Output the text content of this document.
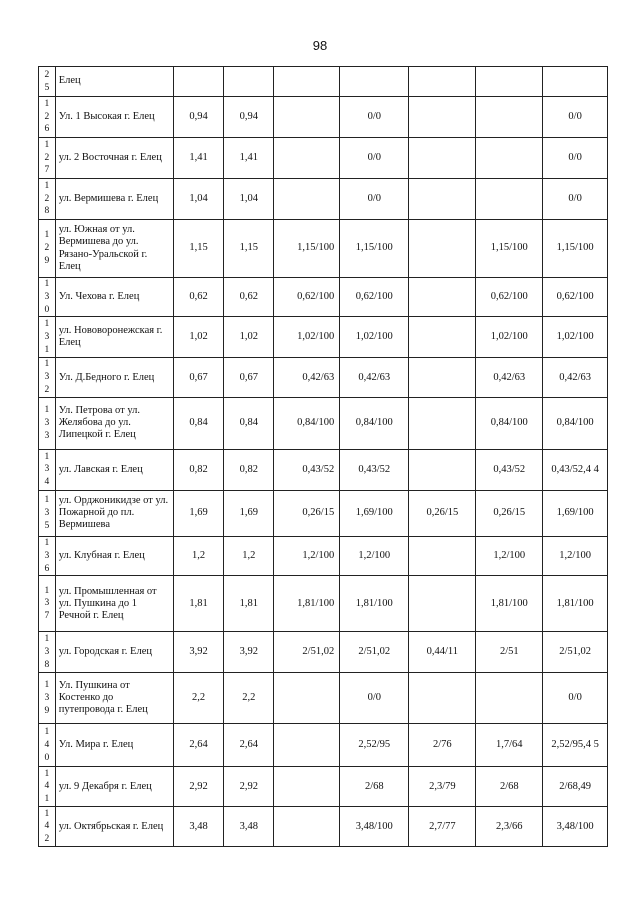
98
2
5	Елец							

1
2
6	Ул. 1 Высокая г. Елец	0,94	0,94		0/0			0/0

1
2
7	ул. 2 Восточная г. Елец	1,41	1,41		0/0			0/0

1
2
8	ул. Вермишева г. Елец	1,04	1,04		0/0			0/0

1
2
9	ул. Южная от ул. Вермишева до ул. Рязано-Уральской г. Елец	1,15	1,15	1,15/100	1,15/100		1,15/100	1,15/100

1
3
0	Ул. Чехова г. Елец	0,62	0,62	0,62/100	0,62/100		0,62/100	0,62/100

1
3
1	ул. Нововоронежская г. Елец	1,02	1,02	1,02/100	1,02/100		1,02/100	1,02/100

1
3
2	Ул. Д.Бедного г. Елец	0,67	0,67	0,42/63	0,42/63		0,42/63	0,42/63

1
3
3	Ул. Петрова от ул. Желябова до ул. Липецкой г. Елец	0,84	0,84	0,84/100	0,84/100		0,84/100	0,84/100

1
3
4	ул. Лавская г. Елец	0,82	0,82	0,43/52	0,43/52		0,43/52	0,43/52,4 4

1
3
5	ул. Орджоникидзе от ул. Пожарной до пл. Вермишева	1,69	1,69	0,26/15	1,69/100	0,26/15	0,26/15	1,69/100

1
3
6	ул. Клубная г. Елец	1,2	1,2	1,2/100	1,2/100		1,2/100	1,2/100

1
3
7	ул. Промышленная от ул. Пушкина до 1 Речной г. Елец	1,81	1,81	1,81/100	1,81/100		1,81/100	1,81/100

1
3
8	ул. Городская г. Елец	3,92	3,92	2/51,02	2/51,02	0,44/11	2/51	2/51,02

1
3
9	Ул. Пушкина от Костенко до путепровода г. Елец	2,2	2,2		0/0			0/0

1
4
0	Ул. Мира г. Елец	2,64	2,64		2,52/95	2/76	1,7/64	2,52/95,4 5

1
4
1	ул. 9 Декабря г. Елец	2,92	2,92		2/68	2,3/79	2/68	2/68,49

1
4
2	ул. Октябрьская г. Елец	3,48	3,48		3,48/100	2,7/77	2,3/66	3,48/100
